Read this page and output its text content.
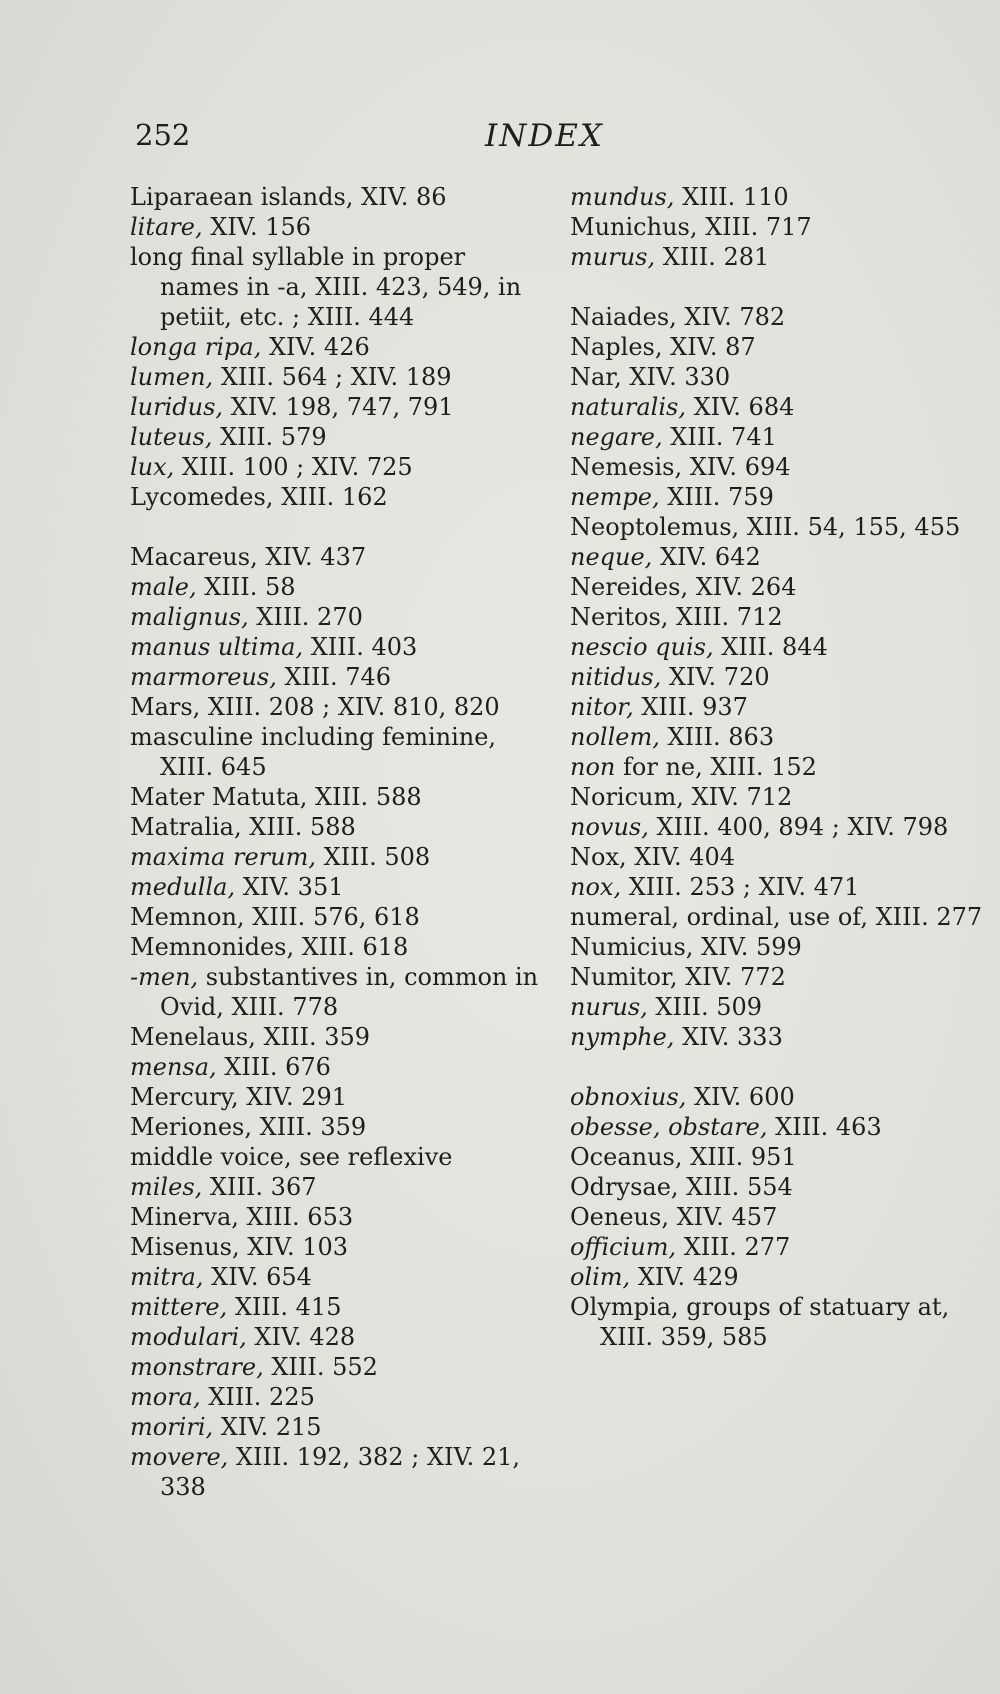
252	INDEX
Liparaean islands, XIV. 86
litare, XIV. 156
long final syllable in proper names in -a, XIII. 423, 549, in petiit, etc. ; XIII. 444
longa ripa, XIV. 426
lumen, XIII. 564 ; XIV. 189
luridus, XIV. 198, 747, 791
luteus, XIII. 579
lux, XIII. 100 ; XIV. 725
Lycomedes, XIII. 162
Macareus, XIV. 437
male, XIII. 58
malignus, XIII. 270
manus ultima, XIII. 403
marmoreus, XIII. 746
Mars, XIII. 208 ; XIV. 810, 820
masculine including feminine, XIII. 645
Mater Matuta, XIII. 588
Matralia, XIII. 588
maxima rerum, XIII. 508
medulla, XIV. 351
Memnon, XIII. 576, 618
Memnonides, XIII. 618
-men, substantives in, common in Ovid, XIII. 778
Menelaus, XIII. 359
mensa, XIII. 676
Mercury, XIV. 291
Meriones, XIII. 359
middle voice, see reflexive
miles, XIII. 367
Minerva, XIII. 653
Misenus, XIV. 103
mitra, XIV. 654
mittere, XIII. 415
modulari, XIV. 428
monstrare, XIII. 552
mora, XIII. 225
moriri, XIV. 215
movere, XIII. 192, 382 ; XIV. 21, 338
mundus, XIII. 110
Munichus, XIII. 717
murus, XIII. 281
Naiades, XIV. 782
Naples, XIV. 87
Nar, XIV. 330
naturalis, XIV. 684
negare, XIII. 741
Nemesis, XIV. 694
nempe, XIII. 759
Neoptolemus, XIII. 54, 155, 455
neque, XIV. 642
Nereides, XIV. 264
Neritos, XIII. 712
nescio quis, XIII. 844
nitidus, XIV. 720
nitor, XIII. 937
nollem, XIII. 863
non for ne, XIII. 152
Noricum, XIV. 712
novus, XIII. 400, 894 ; XIV. 798
Nox, XIV. 404
nox, XIII. 253 ; XIV. 471
numeral, ordinal, use of, XIII. 277
Numicius, XIV. 599
Numitor, XIV. 772
nurus, XIII. 509
nymphe, XIV. 333
obnoxius, XIV. 600
obesse, obstare, XIII. 463
Oceanus, XIII. 951
Odrysae, XIII. 554
Oeneus, XIV. 457
officium, XIII. 277
olim, XIV. 429
Olympia, groups of statuary at, XIII. 359, 585
